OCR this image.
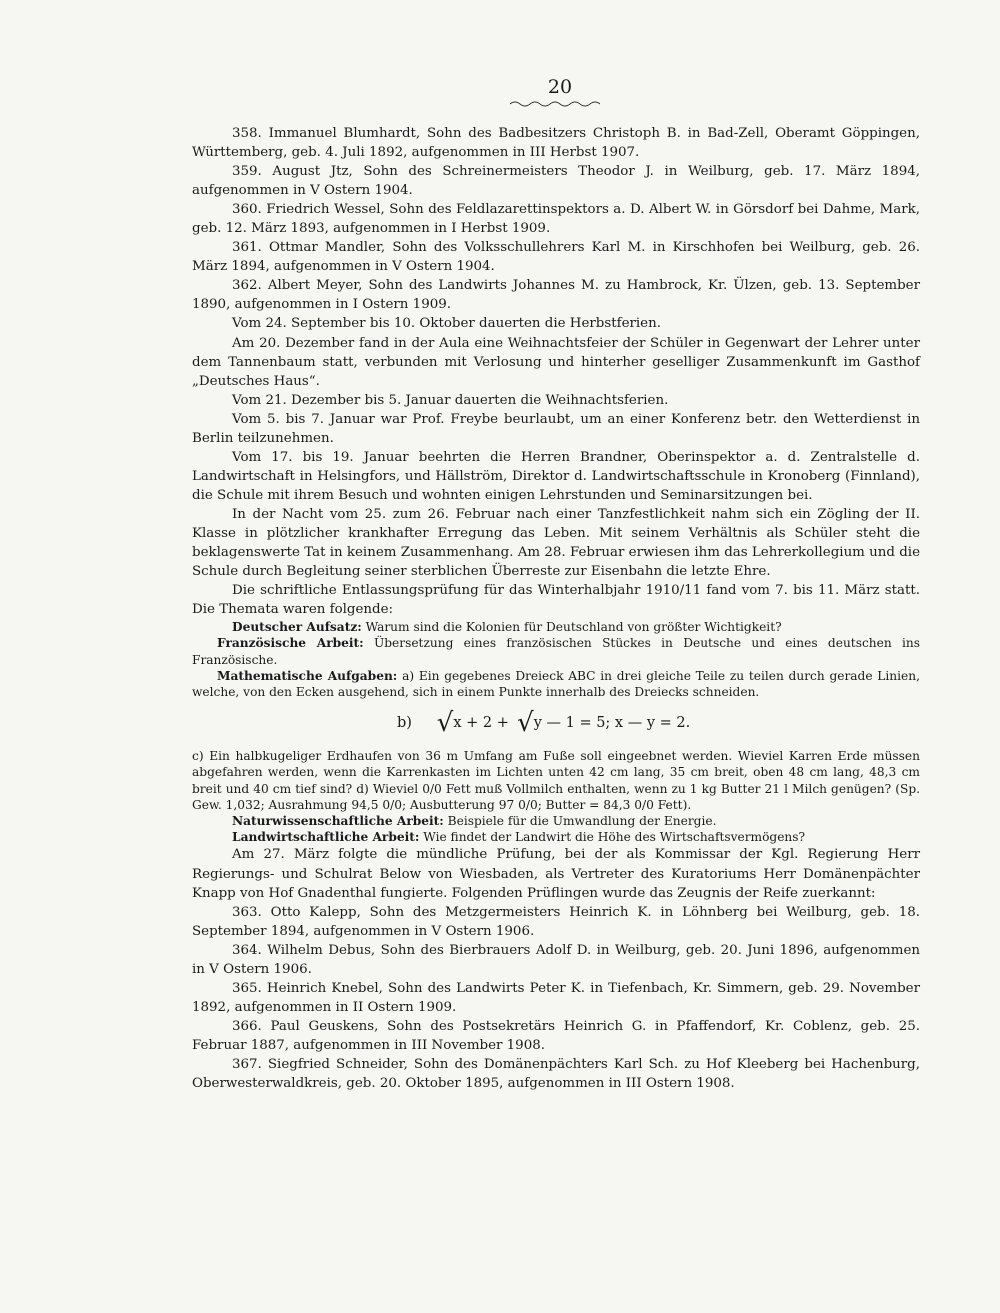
20

358. Immanuel Blumhardt, Sohn des Badbesitzers Christoph B. in Bad-Zell, Oberamt Göppingen, Württemberg, geb. 4. Juli 1892, aufgenommen in III Herbst 1907.

359. August Jtz, Sohn des Schreinermeisters Theodor J. in Weilburg, geb. 17. März 1894, aufgenommen in V Ostern 1904.

360. Friedrich Wessel, Sohn des Feldlazarettinspektors a. D. Albert W. in Görsdorf bei Dahme, Mark, geb. 12. März 1893, aufgenommen in I Herbst 1909.

361. Ottmar Mandler, Sohn des Volksschullehrers Karl M. in Kirschhofen bei Weilburg, geb. 26. März 1894, aufgenommen in V Ostern 1904.

362. Albert Meyer, Sohn des Landwirts Johannes M. zu Hambrock, Kr. Ülzen, geb. 13. September 1890, aufgenommen in I Ostern 1909.

Vom 24. September bis 10. Oktober dauerten die Herbstferien.

Am 20. Dezember fand in der Aula eine Weihnachtsfeier der Schüler in Gegenwart der Lehrer unter dem Tannenbaum statt, verbunden mit Verlosung und hinterher geselliger Zusammenkunft im Gasthof „Deutsches Haus“.

Vom 21. Dezember bis 5. Januar dauerten die Weihnachtsferien.

Vom 5. bis 7. Januar war Prof. Freybe beurlaubt, um an einer Konferenz betr. den Wetterdienst in Berlin teilzunehmen.

Vom 17. bis 19. Januar beehrten die Herren Brandner, Oberinspektor a. d. Zentralstelle d. Landwirtschaft in Helsingfors, und Hällström, Direktor d. Landwirtschaftsschule in Kronoberg (Finnland), die Schule mit ihrem Besuch und wohnten einigen Lehrstunden und Seminarsitzungen bei.

In der Nacht vom 25. zum 26. Februar nach einer Tanzfestlichkeit nahm sich ein Zögling der II. Klasse in plötzlicher krankhafter Erregung das Leben. Mit seinem Verhältnis als Schüler steht die beklagenswerte Tat in keinem Zusammenhang. Am 28. Februar erwiesen ihm das Lehrerkollegium und die Schule durch Begleitung seiner sterblichen Überreste zur Eisenbahn die letzte Ehre.

Die schriftliche Entlassungsprüfung für das Winterhalbjahr 1910/11 fand vom 7. bis 11. März statt. Die Themata waren folgende:

Deutscher Aufsatz: Warum sind die Kolonien für Deutschland von größter Wichtigkeit?

Französische Arbeit: Übersetzung eines französischen Stückes in Deutsche und eines deutschen ins Französische.

Mathematische Aufgaben: a) Ein gegebenes Dreieck ABC in drei gleiche Teile zu teilen durch gerade Linien, welche, von den Ecken ausgehend, sich in einem Punkte innerhalb des Dreiecks schneiden.

b) √ x + 2 + √ y — 1 = 5; x — y = 2.

c) Ein halbkugeliger Erdhaufen von 36 m Umfang am Fuße soll eingeebnet werden. Wieviel Karren Erde müssen abgefahren werden, wenn die Karrenkasten im Lichten unten 42 cm lang, 35 cm breit, oben 48 cm lang, 48,3 cm breit und 40 cm tief sind? d) Wieviel 0/0 Fett muß Vollmilch enthalten, wenn zu 1 kg Butter 21 l Milch genügen? (Sp. Gew. 1,032; Ausrahmung 94,5 0/0; Ausbutterung 97 0/0; Butter = 84,3 0/0 Fett).

Naturwissenschaftliche Arbeit: Beispiele für die Umwandlung der Energie.

Landwirtschaftliche Arbeit: Wie findet der Landwirt die Höhe des Wirtschaftsvermögens?

Am 27. März folgte die mündliche Prüfung, bei der als Kommissar der Kgl. Regierung Herr Regierungs- und Schulrat Below von Wiesbaden, als Vertreter des Kuratoriums Herr Domänenpächter Knapp von Hof Gnadenthal fungierte. Folgenden Prüflingen wurde das Zeugnis der Reife zuerkannt:

363. Otto Kalepp, Sohn des Metzgermeisters Heinrich K. in Löhnberg bei Weilburg, geb. 18. September 1894, aufgenommen in V Ostern 1906.

364. Wilhelm Debus, Sohn des Bierbrauers Adolf D. in Weilburg, geb. 20. Juni 1896, aufgenommen in V Ostern 1906.

365. Heinrich Knebel, Sohn des Landwirts Peter K. in Tiefenbach, Kr. Simmern, geb. 29. November 1892, aufgenommen in II Ostern 1909.

366. Paul Geuskens, Sohn des Postsekretärs Heinrich G. in Pfaffendorf, Kr. Coblenz, geb. 25. Februar 1887, aufgenommen in III November 1908.

367. Siegfried Schneider, Sohn des Domänenpächters Karl Sch. zu Hof Kleeberg bei Hachenburg, Oberwesterwaldkreis, geb. 20. Oktober 1895, aufgenommen in III Ostern 1908.
